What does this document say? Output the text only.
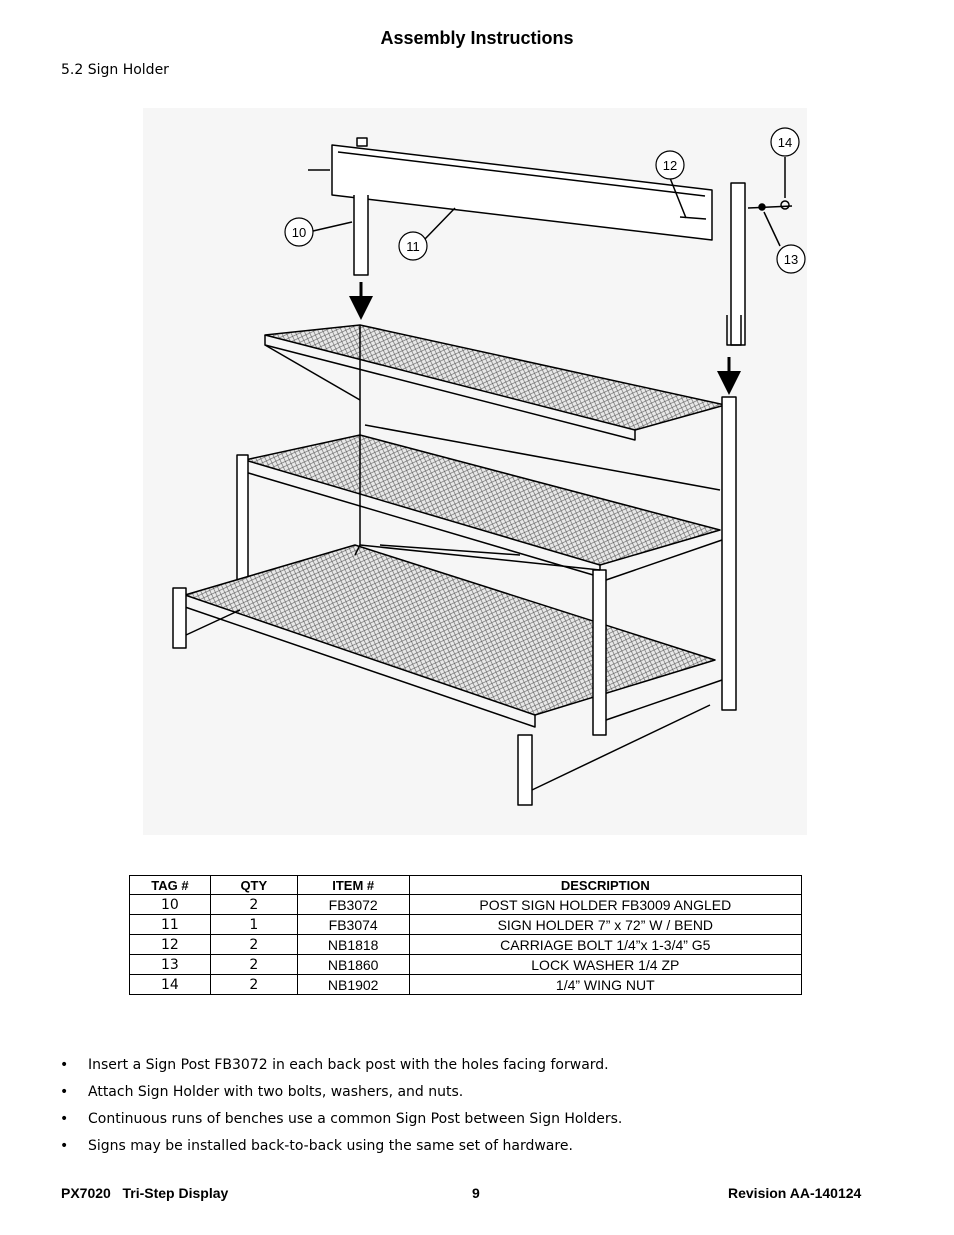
Assembly Instructions
5.2 Sign Holder
10
11
12
13
14
TAG #	QTY	ITEM #	DESCRIPTION
10	2	FB3072	POST SIGN HOLDER FB3009 ANGLED
11	1	FB3074	SIGN HOLDER 7” x 72” W / BEND
12	2	NB1818	CARRIAGE BOLT 1/4”x 1-3/4” G5
13	2	NB1860	LOCK WASHER 1/4 ZP
14	2	NB1902	1/4” WING NUT
• Insert a Sign Post FB3072 in each back post with the holes facing forward.
• Attach Sign Holder with two bolts, washers, and nuts.
• Continuous runs of benches use a common Sign Post between Sign Holders.
• Signs may be installed back-to-back using the same set of hardware.
PX7020   Tri-Step Display	9	Revision AA-140124
